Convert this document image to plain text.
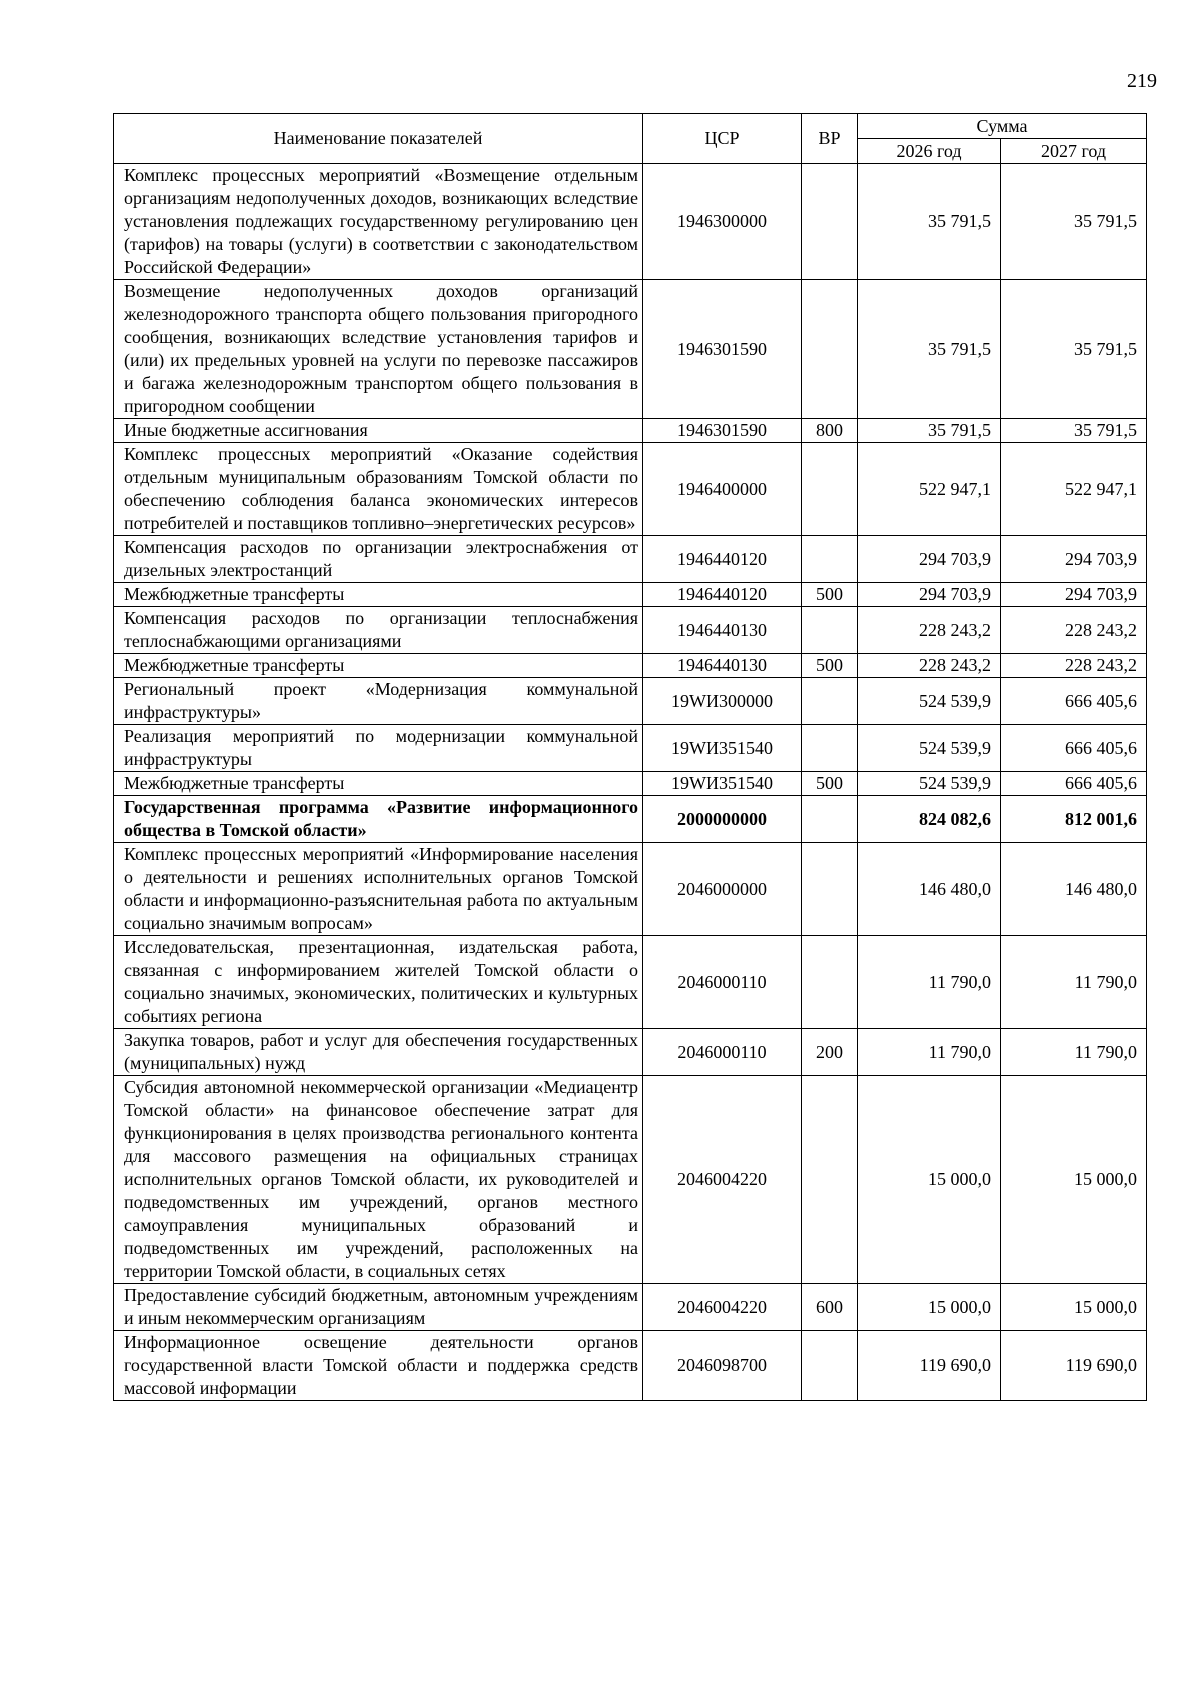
219
Наименование показателей	ЦСР	ВР	Сумма	
			2026 год	2027 год
Комплекс процессных мероприятий «Возмещение отдельным организациям недополученных доходов, возникающих вследствие установления подлежащих государственному регулированию цен (тарифов) на товары (услуги) в соответствии с законодательством Российской Федерации»	1946300000		35 791,5	35 791,5
Возмещение недополученных доходов организаций железнодорожного транспорта общего пользования пригородного сообщения, возникающих вследствие установления тарифов и (или) их предельных уровней на услуги по перевозке пассажиров и багажа железнодорожным транспортом общего пользования в пригородном сообщении	1946301590		35 791,5	35 791,5
Иные бюджетные ассигнования	1946301590	800	35 791,5	35 791,5
Комплекс процессных мероприятий «Оказание содействия отдельным муниципальным образованиям Томской области по обеспечению соблюдения баланса экономических интересов потребителей и поставщиков топливно–энергетических ресурсов»	1946400000		522 947,1	522 947,1
Компенсация расходов по организации электроснабжения от дизельных электростанций	1946440120		294 703,9	294 703,9
Межбюджетные трансферты	1946440120	500	294 703,9	294 703,9
Компенсация расходов по организации теплоснабжения теплоснабжающими организациями	1946440130		228 243,2	228 243,2
Межбюджетные трансферты	1946440130	500	228 243,2	228 243,2
Региональный проект «Модернизация коммунальной инфраструктуры»	19WИ300000		524 539,9	666 405,6
Реализация мероприятий по модернизации коммунальной инфраструктуры	19WИ351540		524 539,9	666 405,6
Межбюджетные трансферты	19WИ351540	500	524 539,9	666 405,6
Государственная программа «Развитие информационного общества в Томской области»	2000000000		824 082,6	812 001,6
Комплекс процессных мероприятий «Информирование населения о деятельности и решениях исполнительных органов Томской области и информационно-разъяснительная работа по актуальным социально значимым вопросам»	2046000000		146 480,0	146 480,0
Исследовательская, презентационная, издательская работа, связанная с информированием жителей Томской области о социально значимых, экономических, политических и культурных событиях региона	2046000110		11 790,0	11 790,0
Закупка товаров, работ и услуг для обеспечения государственных (муниципальных) нужд	2046000110	200	11 790,0	11 790,0
Субсидия автономной некоммерческой организации «Медиацентр Томской области» на финансовое обеспечение затрат для функционирования в целях производства регионального контента для массового размещения на официальных страницах исполнительных органов Томской области, их руководителей и подведомственных им учреждений, органов местного самоуправления муниципальных образований и подведомственных им учреждений, расположенных на территории Томской области, в социальных сетях	2046004220		15 000,0	15 000,0
Предоставление субсидий бюджетным, автономным учреждениям и иным некоммерческим организациям	2046004220	600	15 000,0	15 000,0
Информационное освещение деятельности органов государственной власти Томской области и поддержка средств массовой информации	2046098700		119 690,0	119 690,0
